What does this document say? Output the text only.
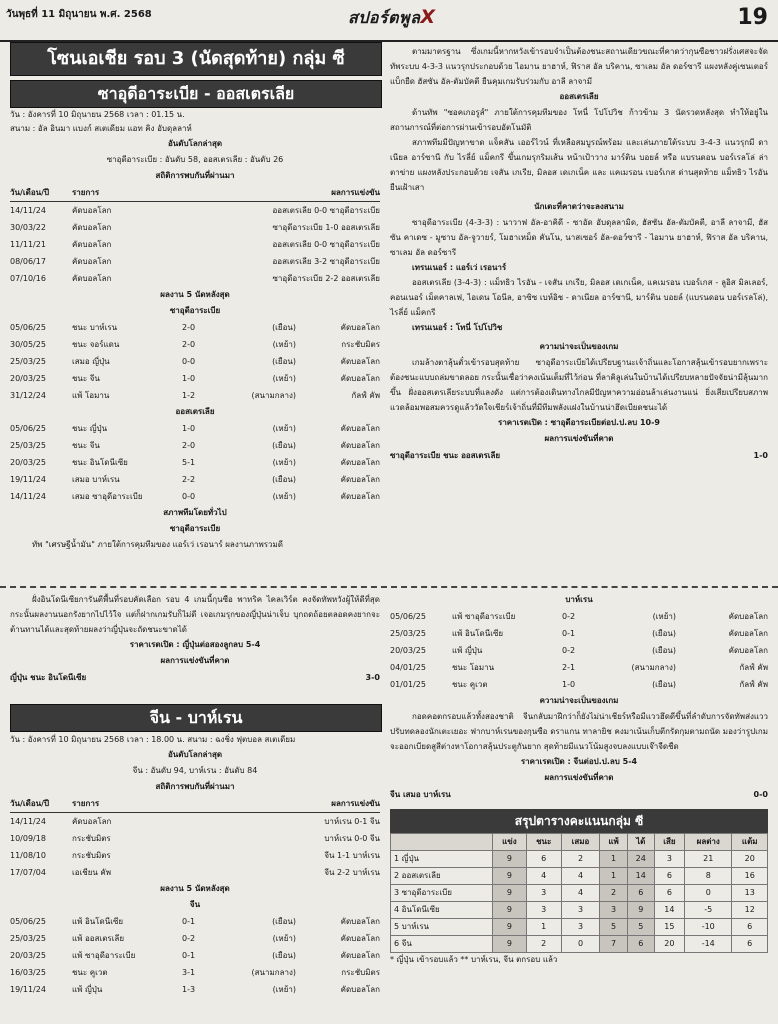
วันพุธที่ 11 มิถุนายน พ.ศ. 2568	สปอร์ตพูลX	19
โซนเอเชีย รอบ 3 (นัดสุดท้าย) กลุ่ม ซี
ซาอุดีอาระเบีย - ออสเตรเลีย
วัน : อังคารที่ 10 มิถุนายน 2568 เวลา : 01.15 น.
สนาม : อัล อินมา แบงก์ สเตเดียม แอท คิง อับดุลลาห์
อันดับโลกล่าสุด
ซาอุดีอาระเบีย : อันดับ 58, ออสเตรเลีย : อันดับ 26
สถิติการพบกันที่ผ่านมา
วัน/เดือน/ปี	รายการ	ผลการแข่งขัน
14/11/24	คัดบอลโลก	ออสเตรเลีย 0-0 ซาอุดีอาระเบีย
30/03/22	คัดบอลโลก	ซาอุดีอาระเบีย 1-0 ออสเตรเลีย
11/11/21	คัดบอลโลก	ออสเตรเลีย 0-0 ซาอุดีอาระเบีย
08/06/17	คัดบอลโลก	ออสเตรเลีย 3-2 ซาอุดีอาระเบีย
07/10/16	คัดบอลโลก	ซาอุดีอาระเบีย 2-2 ออสเตรเลีย
ผลงาน 5 นัดหลังสุด
ซาอุดีอาระเบีย
05/06/25	ชนะ บาห์เรน	2-0	(เยือน)	คัดบอลโลก
30/05/25	ชนะ จอร์แดน	2-0	(เหย้า)	กระชับมิตร
25/03/25	เสมอ ญี่ปุ่น	0-0	(เยือน)	คัดบอลโลก
20/03/25	ชนะ จีน	1-0	(เหย้า)	คัดบอลโลก
31/12/24	แพ้ โอมาน	1-2	(สนามกลาง)	กัลฟ์ คัพ
ออสเตรเลีย
05/06/25	ชนะ ญี่ปุ่น	1-0	(เหย้า)	คัดบอลโลก
25/03/25	ชนะ จีน	2-0	(เยือน)	คัดบอลโลก
20/03/25	ชนะ อินโดนีเซีย	5-1	(เหย้า)	คัดบอลโลก
19/11/24	เสมอ บาห์เรน	2-2	(เยือน)	คัดบอลโลก
14/11/24	เสมอ ซาอุดีอาระเบีย	0-0	(เหย้า)	คัดบอลโลก
สภาพทีมโดยทั่วไป
ซาอุดีอาระเบีย
ทัพ "เศรษฐีน้ำมัน" ภายใต้การคุมทีมของ แอร์เว่ เรอนาร์ ผลงานภาพรวมดี
ตามมาตรฐาน ซึ่งเกมนี้หากหวังเข้ารอบจำเป็นต้องชนะสถานเดียวขณะที่คาดว่ากุนซือชาวฝรั่งเศสจะจัดทัพระบบ 4-3-3 แนวรุกประกอบด้วย ไอมาน ยาฮาห์, ฟิราส อัล บริคาน, ซาเลม อัล ดอร์ซารี แผงหลังคู่เซนเตอร์แบ็กยืด ฮัสซัน อัล-ตัมบัคตี ยืนคุมเกมรับร่วมกับ อาลี ลาจามี
ออสเตรเลีย
ด้านทัพ "ซอคเกอรูส์" ภายใต้การคุมทีมของ โทนี่ โปโปวิช ก้าวข้าม 3 นัดรวดหลังสุด ทำให้อยู่ในสถานการณ์ที่ต่อการผ่านเข้ารอบอัตโนมัติ
สภาพทีมมีปัญหาขาด แจ็คสัน เออร์ไวน์ ที่เหลือสมบูรณ์พร้อม และเล่นภายใต้ระบบ 3-4-3 แนวรุกมี ดาเนียล อาร์ซานี กับ ไรลี่ย์ แม็คกรี ขึ้นเกมรุกริมเส้น หน้าเป้าวาง มาร์ติน บอยล์ หรือ แบรนดอน บอร์เรลโล่ ล่าตาข่าย แผงหลังประกอบด้วย เจสัน เกเรีย, มิลอส เดเกเน็ค และ แคเมรอน เบอร์เกส ด่านสุดท้าย แม็ทธิว ไรอัน ยืนเฝ้าเสา
นักเตะที่คาดว่าจะลงสนาม
ซาอุดีอาระเบีย (4-3-3) : นาวาฟ อัล-อาคิดี - ซาอัด อับดุลลามิด, ฮัสซัน อัล-ตัมบัคตี, อาลี ลาจามี, ฮัสซัน คาเดซ - มูซาบ อัล-จูวายร์, โมฮาเหม็ด คันโน, นาสเซอร์ อัล-ดอว์ซารี - ไอมาน ยาฮาห์, ฟิราส อัล บริคาน, ซาเลม อัล ดอร์ซารี
เทรนเนอร์ : แอร์เว่ เรอนาร์
ออสเตรเลีย (3-4-3) : แม็ทธิว ไรอัน - เจสัน เกเรีย, มิลอส เดเกเน็ค, แคเมรอน เบอร์เกส - ลูอิส มิลเลอร์, คอนเนอร์ เม็ตคาลเฟ, ไอเดน โอนีล, อาซิซ เบห์อิช - ดาเนียล อาร์ซานี, มาร์ติน บอยล์ (แบรนดอน บอร์เรลโล่), ไรลี่ย์ แม็คกรี
เทรนเนอร์ : โทนี่ โปโปวิช
ความน่าจะเป็นของเกม
เกมล้างตาลุ้นตั๋วเข้ารอบสุดท้าย ซาอุดีอาระเบียได้เปรียบฐานะเจ้าถิ่นและโอกาสลุ้นเข้ารอบยากเพราะต้องชนะแบบถล่มขาดลอย กระนั้นเชื่อว่าคงเน้นเต็มที่ไว้ก่อน ที่ลาคิลูเล่นในบ้านได้เปรียบหลายปัจจัยน่ามีลุ้นมากขึ้น ฝั่งออสเตรเลียระบบที่แลงดัง แต่การต้องเดินทางไกลมีปัญหาความอ่อนล้าเล่นงานแน่ ยิ่งเสียเปรียบสภาพแวดล้อมพอสมควรดูแล้ววัดใจเชียร์เจ้าถิ่นที่มีทีมพลังแฝงในบ้านน่าฮึดเบียดชนะได้
ราคาเรตเปิด : ซาอุดีอาระเบียต่อป.ป.ลบ 10-9
ผลการแข่งขันที่คาด
ซาอุดีอาระเบีย ชนะ ออสเตรเลีย	1-0
ฝั่งอินโดนีเซียการันตีพื้นที่รอบคัดเลือก รอบ 4 เกมนี้กุนซือ พาทริค ไคลเวิร์ต คงจัดทัพหวังผู้ให้ดีที่สุด กระนั้นผลงานนอกรังยากไปไว้ใจ แต่ก็ฝากเกมรับก็ไม่ดี เจอเกมรุกของญี่ปุ่นน่าเจ็บ บุกถดถ้อยตลอดคงยากจะต้านทานได้และสุดท้ายผลงว่าญี่ปุ่นจะถัดชนะขาดได้
ราคาเรตเปิด : ญี่ปุ่นต่อสองลูกลบ 5-4
ผลการแข่งขันที่คาด
ญี่ปุ่น ชนะ อินโดนีเซีย	3-0
จีน - บาห์เรน
วัน : อังคารที่ 10 มิถุนายน 2568 เวลา : 18.00 น. สนาม : ฉงชิ่ง ฟุตบอล สเตเดียม
อันดับโลกล่าสุด
จีน : อันดับ 94, บาห์เรน : อันดับ 84
สถิติการพบกันที่ผ่านมา
วัน/เดือน/ปี	รายการ	ผลการแข่งขัน
14/11/24	คัดบอลโลก	บาห์เรน 0-1 จีน
10/09/18	กระชับมิตร	บาห์เรน 0-0 จีน
11/08/10	กระชับมิตร	จีน 1-1 บาห์เรน
17/07/04	เอเชียน คัพ	จีน 2-2 บาห์เรน
ผลงาน 5 นัดหลังสุด
จีน
05/06/25	แพ้ อินโดนีเซีย	0-1	(เยือน)	คัดบอลโลก
25/03/25	แพ้ ออสเตรเลีย	0-2	(เหย้า)	คัดบอลโลก
20/03/25	แพ้ ซาอุดีอาระเบีย	0-1	(เยือน)	คัดบอลโลก
16/03/25	ชนะ คูเวต	3-1	(สนามกลาง)	กระชับมิตร
19/11/24	แพ้ ญี่ปุ่น	1-3	(เหย้า)	คัดบอลโลก
บาห์เรน
05/06/25	แพ้ ซาอุดีอาระเบีย	0-2	(เหย้า)	คัดบอลโลก
25/03/25	แพ้ อินโดนีเซีย	0-1	(เยือน)	คัดบอลโลก
20/03/25	แพ้ ญี่ปุ่น	0-2	(เยือน)	คัดบอลโลก
04/01/25	ชนะ โอมาน	2-1	(สนามกลาง)	กัลฟ์ คัพ
01/01/25	ชนะ คูเวต	1-0	(เยือน)	กัลฟ์ คัพ
ความน่าจะเป็นของเกม
กอดคอตกรอบแล้วทั้งสองชาติ จีนกลับมาฝีกว่าก็ยังไม่น่าเชียร์หรือมีแววฮึดดีขึ้นที่ลำดับการจัดทัพส่งแววปรับทดลองนักเตะเยอะ ฟากบาห์เรนของกุนซือ ดราแกน ทาลายิช คงมาเน้นเก็บตีกรัดกุมตามถนัด มองว่ารูปเกมจะออกเบียดสูสีต่างหาโอกาสลุ้นประตูกันยาก สุดท้ายมีแนวโน้มสูงจบลงแบบเจ๊าจืดชืด
ราคาเรตเปิด : จีนต่อป.ป.ลบ 5-4
ผลการแข่งขันที่คาด
จีน เสมอ บาห์เรน	0-0
สรุปตารางคะแนนกลุ่ม ซี
	แข่ง	ชนะ	เสมอ	แพ้	ได้	เสีย	ผลต่าง	แต้ม
1 ญี่ปุ่น	9	6	2	1	24	3	21	20
2 ออสเตรเลีย	9	4	4	1	14	6	8	16
3 ซาอุดีอาระเบีย	9	3	4	2	6	6	0	13
4 อินโดนีเซีย	9	3	3	3	9	14	-5	12
5 บาห์เรน	9	1	3	5	5	15	-10	6
6 จีน	9	2	0	7	6	20	-14	6
* ญี่ปุ่น เข้ารอบแล้ว ** บาห์เรน, จีน ตกรอบ แล้ว
